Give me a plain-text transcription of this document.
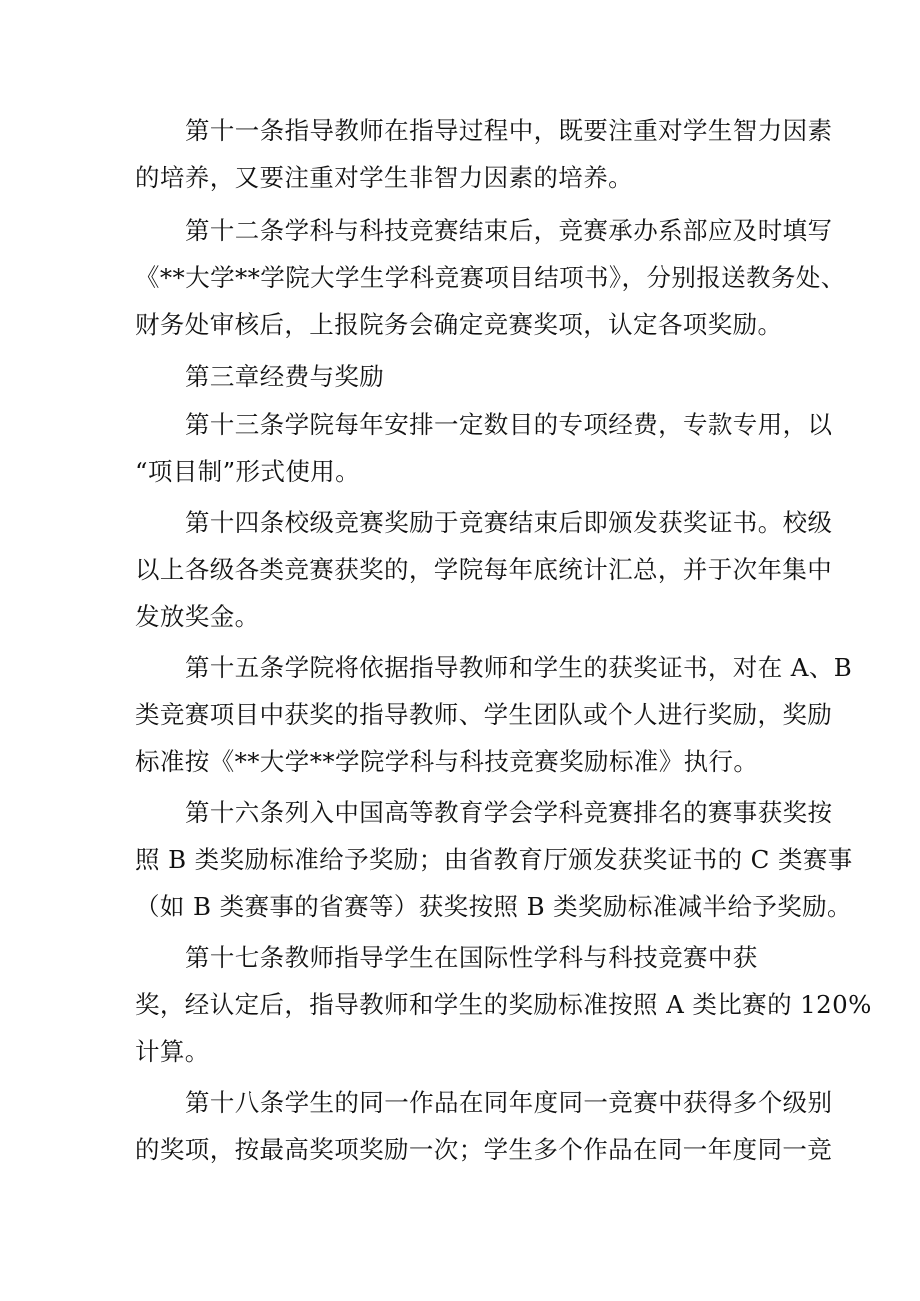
第十一条指导教师在指导过程中，既要注重对学生智力因素
的培养，又要注重对学生非智力因素的培养。
第十二条学科与科技竞赛结束后，竞赛承办系部应及时填写
《**大学**学院大学生学科竞赛项目结项书》，分别报送教务处、
财务处审核后，上报院务会确定竞赛奖项，认定各项奖励。
第三章经费与奖励
第十三条学院每年安排一定数目的专项经费，专款专用，以
“项目制”形式使用。
第十四条校级竞赛奖励于竞赛结束后即颁发获奖证书。校级
以上各级各类竞赛获奖的，学院每年底统计汇总，并于次年集中
发放奖金。
第十五条学院将依据指导教师和学生的获奖证书，对在 A、B
类竞赛项目中获奖的指导教师、学生团队或个人进行奖励，奖励
标准按《**大学**学院学科与科技竞赛奖励标准》执行。
第十六条列入中国高等教育学会学科竞赛排名的赛事获奖按
照 B 类奖励标准给予奖励；由省教育厅颁发获奖证书的 C 类赛事
（如 B 类赛事的省赛等）获奖按照 B 类奖励标准减半给予奖励。
第十七条教师指导学生在国际性学科与科技竞赛中获
奖，经认定后，指导教师和学生的奖励标准按照 A 类比赛的 120%
计算。
第十八条学生的同一作品在同年度同一竞赛中获得多个级别
的奖项，按最高奖项奖励一次；学生多个作品在同一年度同一竞
